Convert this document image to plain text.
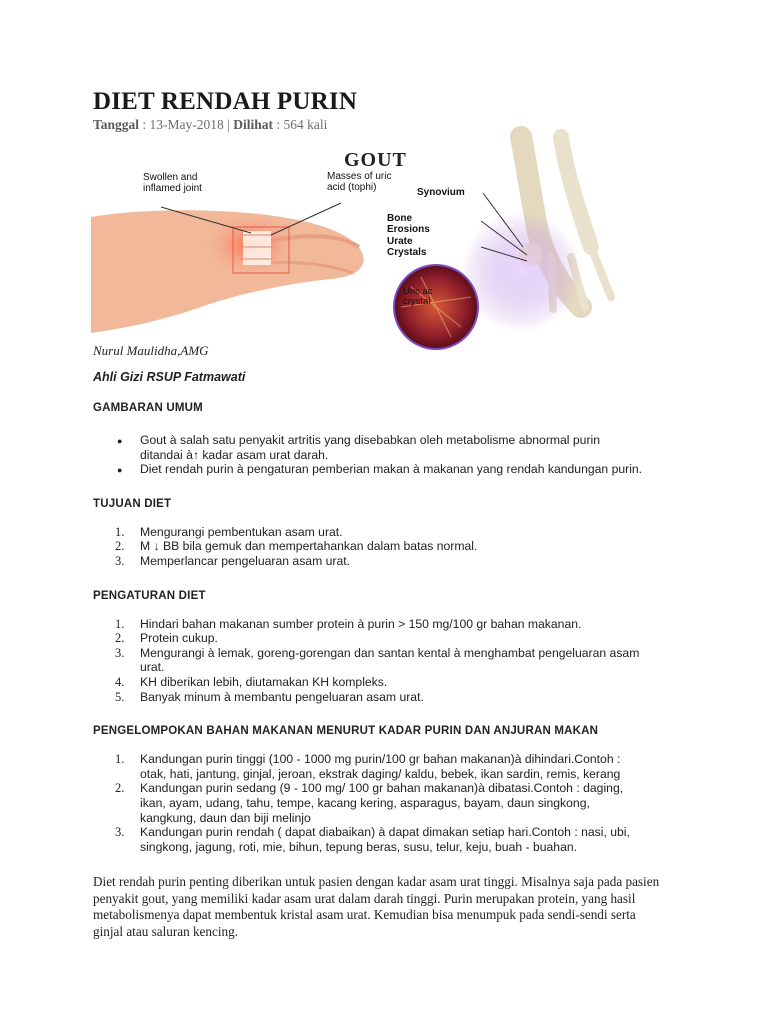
DIET RENDAH PURIN
Tanggal : 13-May-2018 | Dilihat : 564 kali
GOUT
Swollen and
inflamed joint
Masses of uric
acid (tophi)	Synovium
Bone Erosions
Urate Crystals
Uric ac
crystal
Nurul Maulidha,AMG
Ahli Gizi RSUP Fatmawati
GAMBARAN UMUM
● Gout à salah satu penyakit artritis yang disebabkan oleh metabolisme abnormal purin
ditandai à↑ kadar asam urat darah.
● Diet rendah purin à pengaturan pemberian makan à makanan yang rendah kandungan purin.
TUJUAN DIET
1. Mengurangi pembentukan asam urat.
2. M ↓ BB bila gemuk dan mempertahankan dalam batas normal.
3. Memperlancar pengeluaran asam urat.
PENGATURAN DIET
1. Hindari bahan makanan sumber protein à purin > 150 mg/100 gr bahan makanan.
2. Protein cukup.
3. Mengurangi à lemak, goreng-gorengan dan santan kental à menghambat pengeluaran asam
urat.
4. KH diberikan lebih, diutamakan KH kompleks.
5. Banyak minum à membantu pengeluaran asam urat.
PENGELOMPOKAN BAHAN MAKANAN MENURUT KADAR PURIN DAN ANJURAN MAKAN
1. Kandungan purin tinggi (100 - 1000 mg purin/100 gr bahan makanan)à dihindari.Contoh :
otak, hati, jantung, ginjal, jeroan, ekstrak daging/ kaldu, bebek, ikan sardin, remis, kerang
2. Kandungan purin sedang (9 - 100 mg/ 100 gr bahan makanan)à dibatasi.Contoh : daging,
ikan, ayam, udang, tahu, tempe, kacang kering, asparagus, bayam, daun singkong,
kangkung, daun dan biji melinjo
3. Kandungan purin rendah ( dapat diabaikan) à dapat dimakan setiap hari.Contoh : nasi, ubi,
singkong, jagung, roti, mie, bihun, tepung beras, susu, telur, keju, buah - buahan.
Diet rendah purin penting diberikan untuk pasien dengan kadar asam urat tinggi. Misalnya saja pada pasien
penyakit gout, yang memiliki kadar asam urat dalam darah tinggi. Purin merupakan protein, yang hasil
metabolismenya dapat membentuk kristal asam urat. Kemudian bisa menumpuk pada sendi-sendi serta
ginjal atau saluran kencing.
